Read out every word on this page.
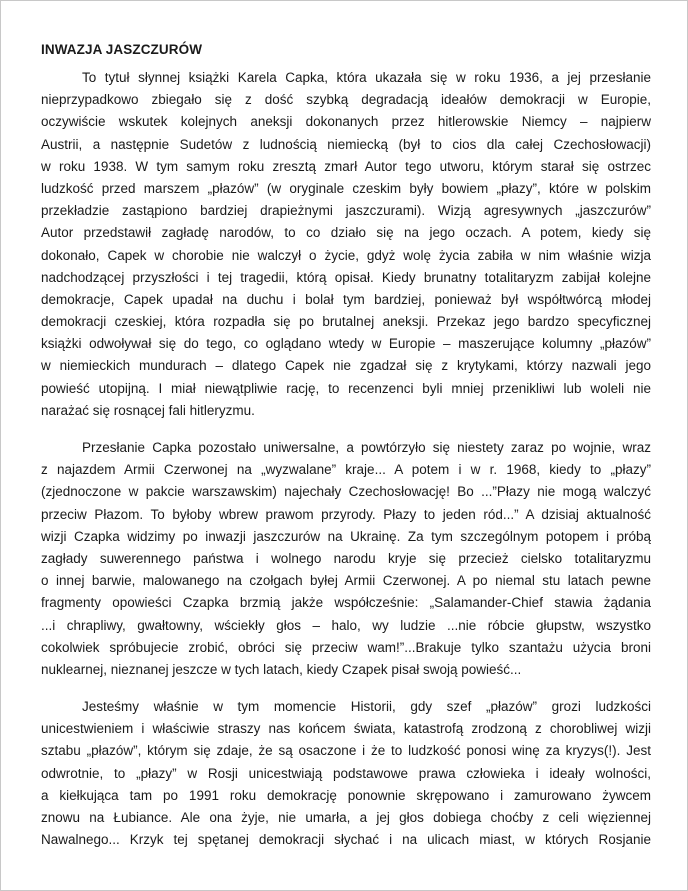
INWAZJA JASZCZURÓW
To tytuł słynnej książki Karela Capka, która ukazała się w roku 1936, a jej przesłanie
nieprzypadkowo zbiegało się z dość szybką degradacją ideałów demokracji w Europie,
oczywiście wskutek kolejnych aneksji dokonanych przez hitlerowskie Niemcy – najpierw
Austrii, a następnie Sudetów z ludnością niemiecką (był to cios dla całej Czechosłowacji)
w roku 1938. W tym samym roku zresztą zmarł Autor tego utworu, którym starał się ostrzec
ludzkość przed marszem „płazów” (w oryginale czeskim były bowiem „płazy”, które w polskim
przekładzie zastąpiono bardziej drapieżnymi jaszczurami). Wizją agresywnych „jaszczurów”
Autor przedstawił zagładę narodów, to co działo się na jego oczach. A potem, kiedy się
dokonało, Capek w chorobie nie walczył o życie, gdyż wolę życia zabiła w nim właśnie wizja
nadchodzącej przyszłości i tej tragedii, którą opisał. Kiedy brunatny totalitaryzm zabijał kolejne
demokracje, Capek upadał na duchu i bolał tym bardziej, ponieważ był współtwórcą młodej
demokracji czeskiej, która rozpadła się po brutalnej aneksji. Przekaz jego bardzo specyficznej
książki odwoływał się do tego, co oglądano wtedy w Europie – maszerujące kolumny „płazów”
w niemieckich mundurach – dlatego Capek nie zgadzał się z krytykami, którzy nazwali jego
powieść utopijną. I miał niewątpliwie rację, to recenzenci byli mniej przenikliwi lub woleli nie
narażać się rosnącej fali hitleryzmu.
Przesłanie Capka pozostało uniwersalne, a powtórzyło się niestety zaraz po wojnie, wraz
z najazdem Armii Czerwonej na „wyzwalane” kraje... A potem i w r. 1968, kiedy to „płazy”
(zjednoczone w pakcie warszawskim) najechały Czechosłowację! Bo ...”Płazy nie mogą walczyć
przeciw Płazom. To byłoby wbrew prawom przyrody. Płazy to jeden ród...” A dzisiaj aktualność
wizji Czapka widzimy po inwazji jaszczurów na Ukrainę. Za tym szczególnym potopem i próbą
zagłady suwerennego państwa i wolnego narodu kryje się przecież cielsko totalitaryzmu
o innej barwie, malowanego na czołgach byłej Armii Czerwonej. A po niemal stu latach pewne
fragmenty opowieści Czapka brzmią jakże współcześnie: „Salamander-Chief stawia żądania
...i chrapliwy, gwałtowny, wściekły głos – halo, wy ludzie ...nie róbcie głupstw, wszystko
cokolwiek spróbujecie zrobić, obróci się przeciw wam!”...Brakuje tylko szantażu użycia broni
nuklearnej, nieznanej jeszcze w tych latach, kiedy Czapek pisał swoją powieść...
Jesteśmy właśnie w tym momencie Historii, gdy szef „płazów” grozi ludzkości
unicestwieniem i właściwie straszy nas końcem świata, katastrofą zrodzoną z chorobliwej wizji
sztabu „płazów”, którym się zdaje, że są osaczone i że to ludzkość ponosi winę za kryzys(!). Jest
odwrotnie, to „płazy” w Rosji unicestwiają podstawowe prawa człowieka i ideały wolności,
a kiełkująca tam po 1991 roku demokrację ponownie skrępowano i zamurowano żywcem
znowu na Łubiance. Ale ona żyje, nie umarła, a jej głos dobiega choćby z celi więziennej
Nawalnego... Krzyk tej spętanej demokracji słychać i na ulicach miast, w których Rosjanie
